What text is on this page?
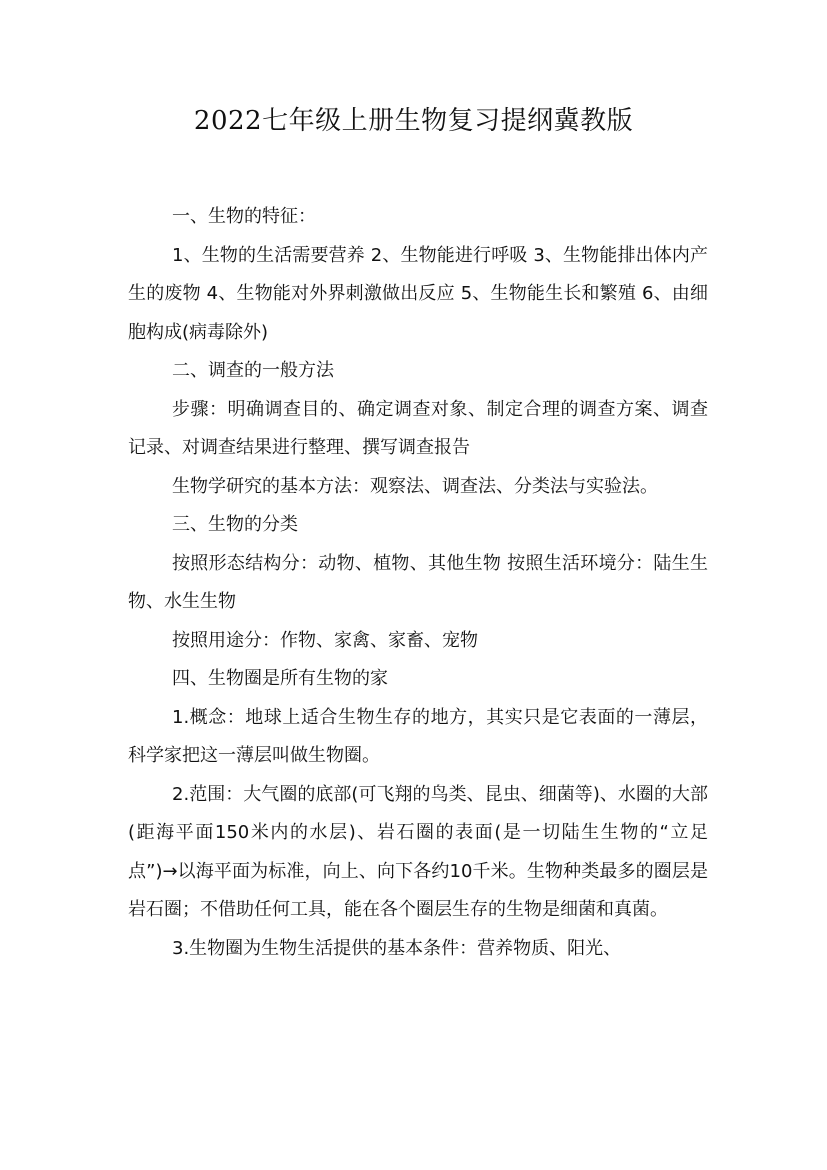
2022七年级上册生物复习提纲冀教版

一、生物的特征：

1、生物的生活需要营养 2、生物能进行呼吸 3、生物能排出体内产生的废物 4、生物能对外界刺激做出反应 5、生物能生长和繁殖 6、由细胞构成(病毒除外)

二、调查的一般方法

步骤：明确调查目的、确定调查对象、制定合理的调查方案、调查记录、对调查结果进行整理、撰写调查报告

生物学研究的基本方法：观察法、调查法、分类法与实验法。

三、生物的分类

按照形态结构分：动物、植物、其他生物 按照生活环境分：陆生生物、水生生物

按照用途分：作物、家禽、家畜、宠物

四、生物圈是所有生物的家

1.概念：地球上适合生物生存的地方，其实只是它表面的一薄层，科学家把这一薄层叫做生物圈。

2.范围：大气圈的底部(可飞翔的鸟类、昆虫、细菌等)、水圈的大部(距海平面150米内的水层)、岩石圈的表面(是一切陆生生物的“立足点”)→以海平面为标准，向上、向下各约10千米。生物种类最多的圈层是岩石圈；不借助任何工具，能在各个圈层生存的生物是细菌和真菌。

3.生物圈为生物生活提供的基本条件：营养物质、阳光、
